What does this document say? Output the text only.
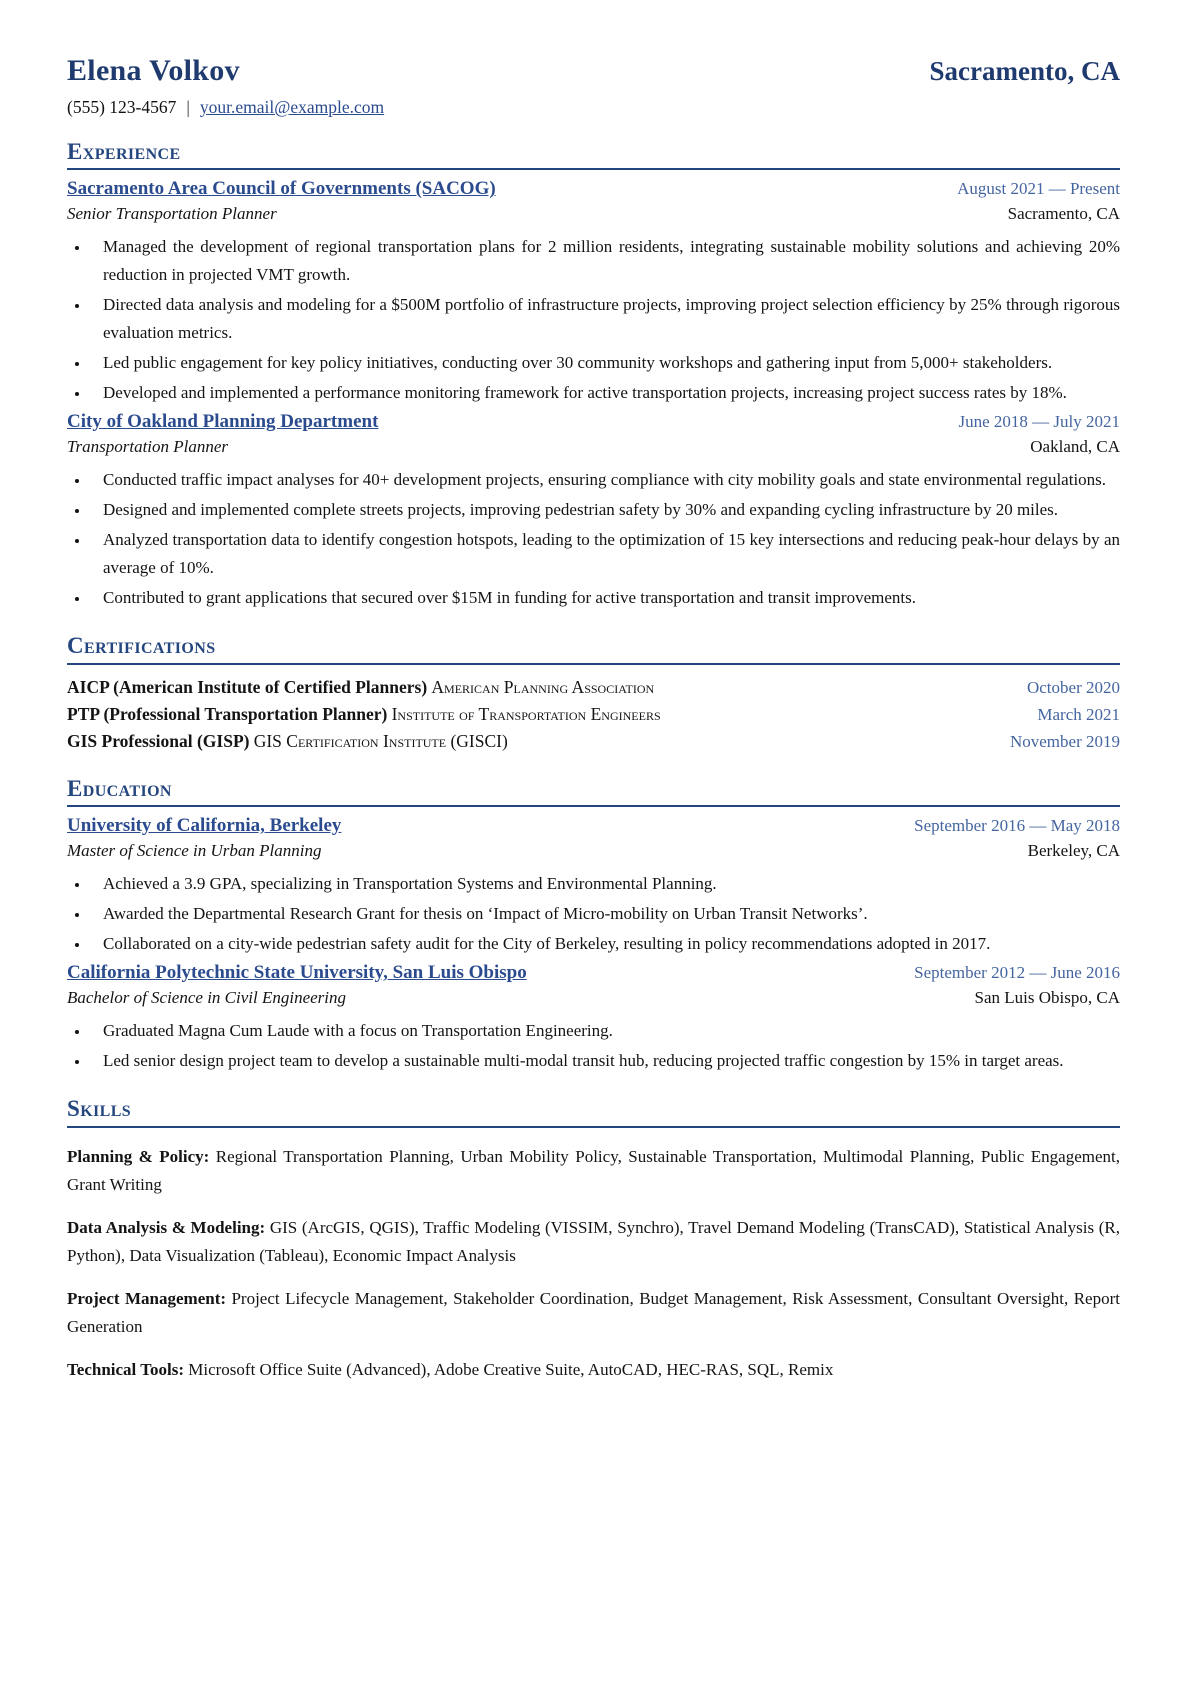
Elena Volkov	Sacramento, CA
(555) 123-4567 | your.email@example.com
Experience
Sacramento Area Council of Governments (SACOG)	August 2021 — Present
Senior Transportation Planner	Sacramento, CA
• Managed the development of regional transportation plans for 2 million residents, integrating sustainable mobility solutions and achieving 20% reduction in projected VMT growth.
• Directed data analysis and modeling for a $500M portfolio of infrastructure projects, improving project selection efficiency by 25% through rigorous evaluation metrics.
• Led public engagement for key policy initiatives, conducting over 30 community workshops and gathering input from 5,000+ stakeholders.
• Developed and implemented a performance monitoring framework for active transportation projects, increasing project success rates by 18%.
City of Oakland Planning Department	June 2018 — July 2021
Transportation Planner	Oakland, CA
• Conducted traffic impact analyses for 40+ development projects, ensuring compliance with city mobility goals and state environmental regulations.
• Designed and implemented complete streets projects, improving pedestrian safety by 30% and expanding cycling infrastructure by 20 miles.
• Analyzed transportation data to identify congestion hotspots, leading to the optimization of 15 key intersections and reducing peak-hour delays by an average of 10%.
• Contributed to grant applications that secured over $15M in funding for active transportation and transit improvements.
Certifications
AICP (American Institute of Certified Planners) American Planning Association	October 2020
PTP (Professional Transportation Planner) Institute of Transportation Engineers	March 2021
GIS Professional (GISP) GIS Certification Institute (GISCI)	November 2019
Education
University of California, Berkeley	September 2016 — May 2018
Master of Science in Urban Planning	Berkeley, CA
• Achieved a 3.9 GPA, specializing in Transportation Systems and Environmental Planning.
• Awarded the Departmental Research Grant for thesis on ‘Impact of Micro-mobility on Urban Transit Networks’.
• Collaborated on a city-wide pedestrian safety audit for the City of Berkeley, resulting in policy recommendations adopted in 2017.
California Polytechnic State University, San Luis Obispo	September 2012 — June 2016
Bachelor of Science in Civil Engineering	San Luis Obispo, CA
• Graduated Magna Cum Laude with a focus on Transportation Engineering.
• Led senior design project team to develop a sustainable multi-modal transit hub, reducing projected traffic congestion by 15% in target areas.
Skills

Planning & Policy: Regional Transportation Planning, Urban Mobility Policy, Sustainable Transportation, Multimodal Planning, Public Engagement, Grant Writing

Data Analysis & Modeling: GIS (ArcGIS, QGIS), Traffic Modeling (VISSIM, Synchro), Travel Demand Modeling (TransCAD), Statistical Analysis (R, Python), Data Visualization (Tableau), Economic Impact Analysis

Project Management: Project Lifecycle Management, Stakeholder Coordination, Budget Management, Risk Assessment, Consultant Oversight, Report Generation

Technical Tools: Microsoft Office Suite (Advanced), Adobe Creative Suite, AutoCAD, HEC-RAS, SQL, Remix
